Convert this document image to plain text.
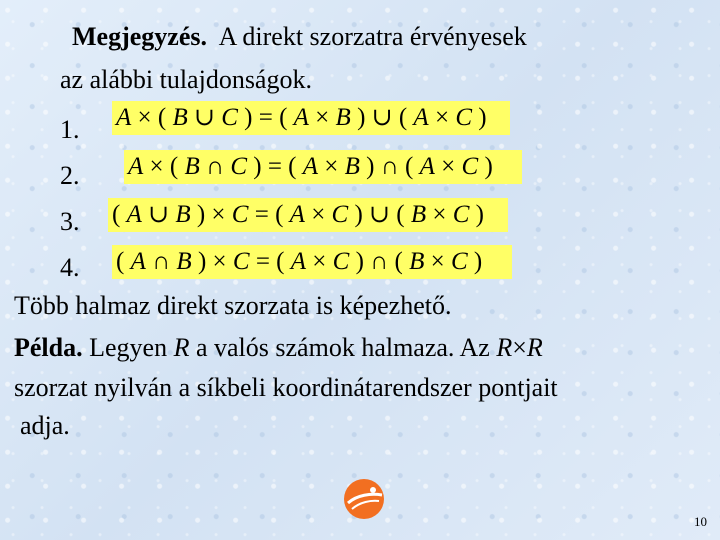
Megjegyzés. A direkt szorzatra érvényesek
az alábbi tulajdonságok.
1. A × ( B ∪ C ) = ( A × B ) ∪ ( A × C )
2. A × ( B ∩ C ) = ( A × B ) ∩ ( A × C )
3. ( A ∪ B ) × C = ( A × C ) ∪ ( B × C )
4. ( A ∩ B ) × C = ( A × C ) ∩ ( B × C )
Több halmaz direkt szorzata is képezhető.
Példa. Legyen R a valós számok halmaza. Az R×R
szorzat nyilván a síkbeli koordinátarendszer pontjait
adja.
10
